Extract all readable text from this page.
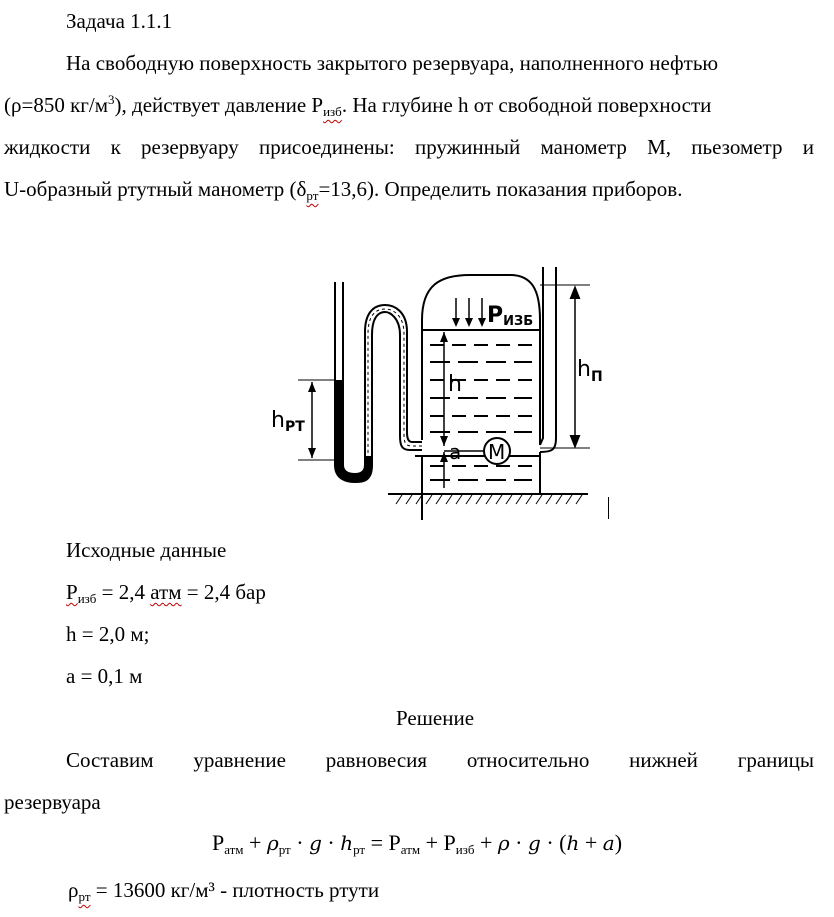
Задача 1.1.1
На свободную поверхность закрытого резервуара, наполненного нефтью
(ρ=850 $кг/м^3$), действует давление $Р_{изб}$. На глубине h от свободной поверхности
жидкости к резервуару присоединены: пружинный манометр М, пьезометр и
U-образный ртутный манометр $(\delta_{рт}=13,6)$. Определить показания приборов.
PИЗБ
h
$h_П$
hРТ
a M
Исходные данные
$Р_{изб} = 2,4$ атм = 2,4 бар
h = 2,0 м;
а = 0,1 м
Решение
Составим уравнение равновесия относительно нижней границы
резервуара
$Р_{атм} + \rho_{рт} \cdot g \cdot h_{рт} = Р_{атм} + Р_{изб} + \rho \cdot g \cdot (h + a)$
$\rho_{рт} = 13600$ кг/м³ - плотность ртути
